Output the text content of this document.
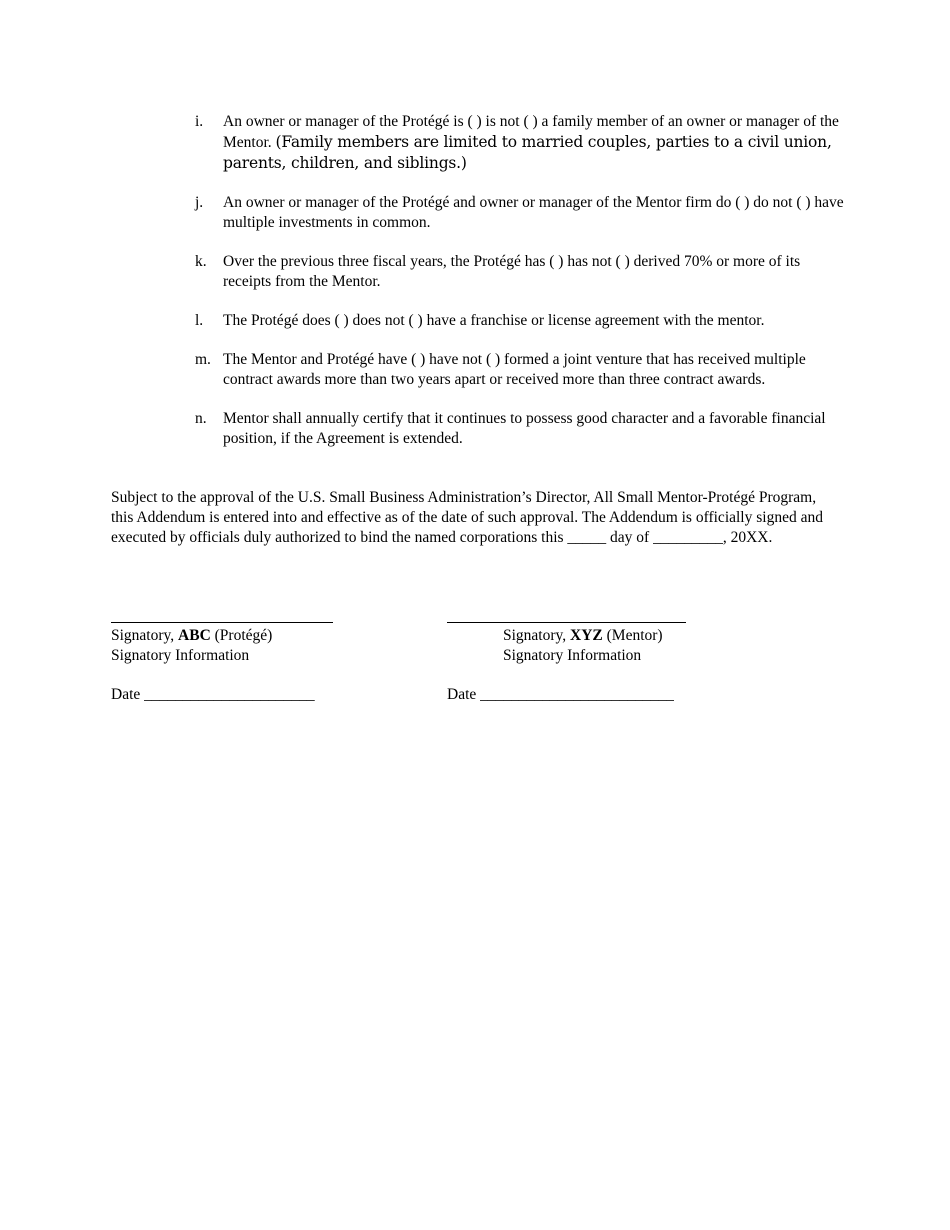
i.	An owner or manager of the Protégé is ( ) is not ( ) a family member of an owner or manager of the Mentor. (Family members are limited to married couples, parties to a civil union, parents, children, and siblings.)
j.	An owner or manager of the Protégé and owner or manager of the Mentor firm do ( ) do not ( ) have multiple investments in common.
k.	Over the previous three fiscal years, the Protégé has ( ) has not ( ) derived 70% or more of its receipts from the Mentor.
l.	The Protégé does ( ) does not ( ) have a franchise or license agreement with the mentor.
m. The Mentor and Protégé have ( ) have not ( ) formed a joint venture that has received multiple contract awards more than two years apart or received more than three contract awards.
n.	Mentor shall annually certify that it continues to possess good character and a favorable financial position, if the Agreement is extended.
Subject to the approval of the U.S. Small Business Administration’s Director, All Small Mentor-Protégé Program, this Addendum is entered into and effective as of the date of such approval. The Addendum is officially signed and executed by officials duly authorized to bind the named corporations this _____ day of _________, 20XX.
Signatory, ABC (Protégé)
Signatory Information
Date ______________________
Signatory, XYZ (Mentor)
Signatory Information
Date _________________________
